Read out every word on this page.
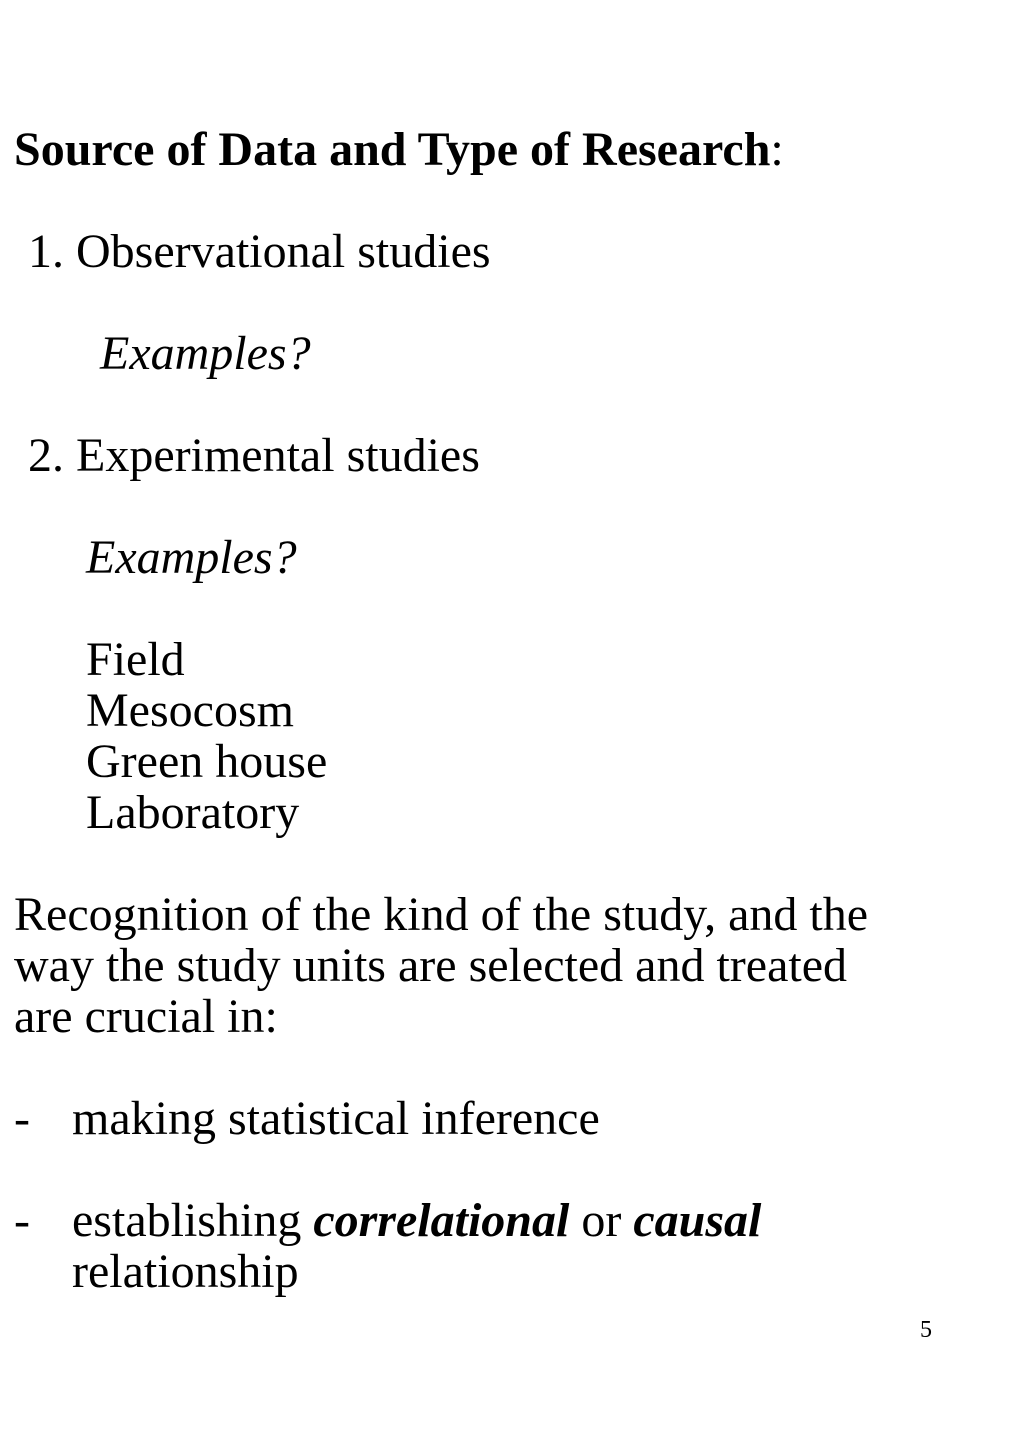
Source of Data and Type of Research:
1. Observational studies
Examples?
2. Experimental studies
Examples?
Field
Mesocosm
Green house
Laboratory
Recognition of the kind of the study, and the
way the study units are selected and treated
are crucial in:
- making statistical inference
- establishing correlational or causal
relationship
5
